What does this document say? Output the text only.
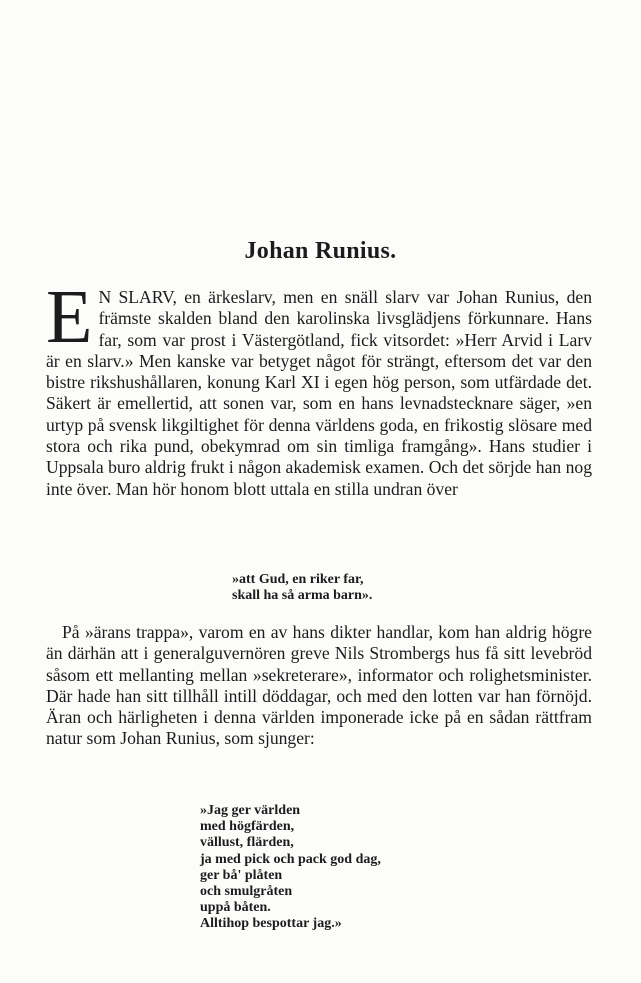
Johan Runius.

E N SLARV, en ärkeslarv, men en snäll slarv var Johan Runius, den främste skalden bland den karolinska livsglädjens förkunnare. Hans far, som var prost i Västergötland, fick vitsordet: »Herr Arvid i Larv är en slarv.» Men kanske var betyget något för strängt, eftersom det var den bistre rikshushållaren, konung Karl XI i egen hög person, som utfärdade det. Säkert är emellertid, att sonen var, som en hans levnadstecknare säger, »en urtyp på svensk likgiltighet för denna världens goda, en frikostig slösare med stora och rika pund, obekymrad om sin timliga framgång». Hans studier i Uppsala buro aldrig frukt i någon akademisk examen. Och det sörjde han nog inte över. Man hör honom blott uttala en stilla undran över

»att Gud, en riker far,
skall ha så arma barn».

På »ärans trappa», varom en av hans dikter handlar, kom han aldrig högre än därhän att i generalguvernören greve Nils Strombergs hus få sitt levebröd såsom ett mellanting mellan »sekreterare», informator och rolighetsminister. Där hade han sitt tillhåll intill döddagar, och med den lotten var han förnöjd. Äran och härligheten i denna världen imponerade icke på en sådan rättfram natur som Johan Runius, som sjunger:

»Jag ger världen
med högfärden,
vällust, flärden,
ja med pick och pack god dag,
ger bå' plåten
och smulgråten
uppå båten.
Alltihop bespottar jag.»
